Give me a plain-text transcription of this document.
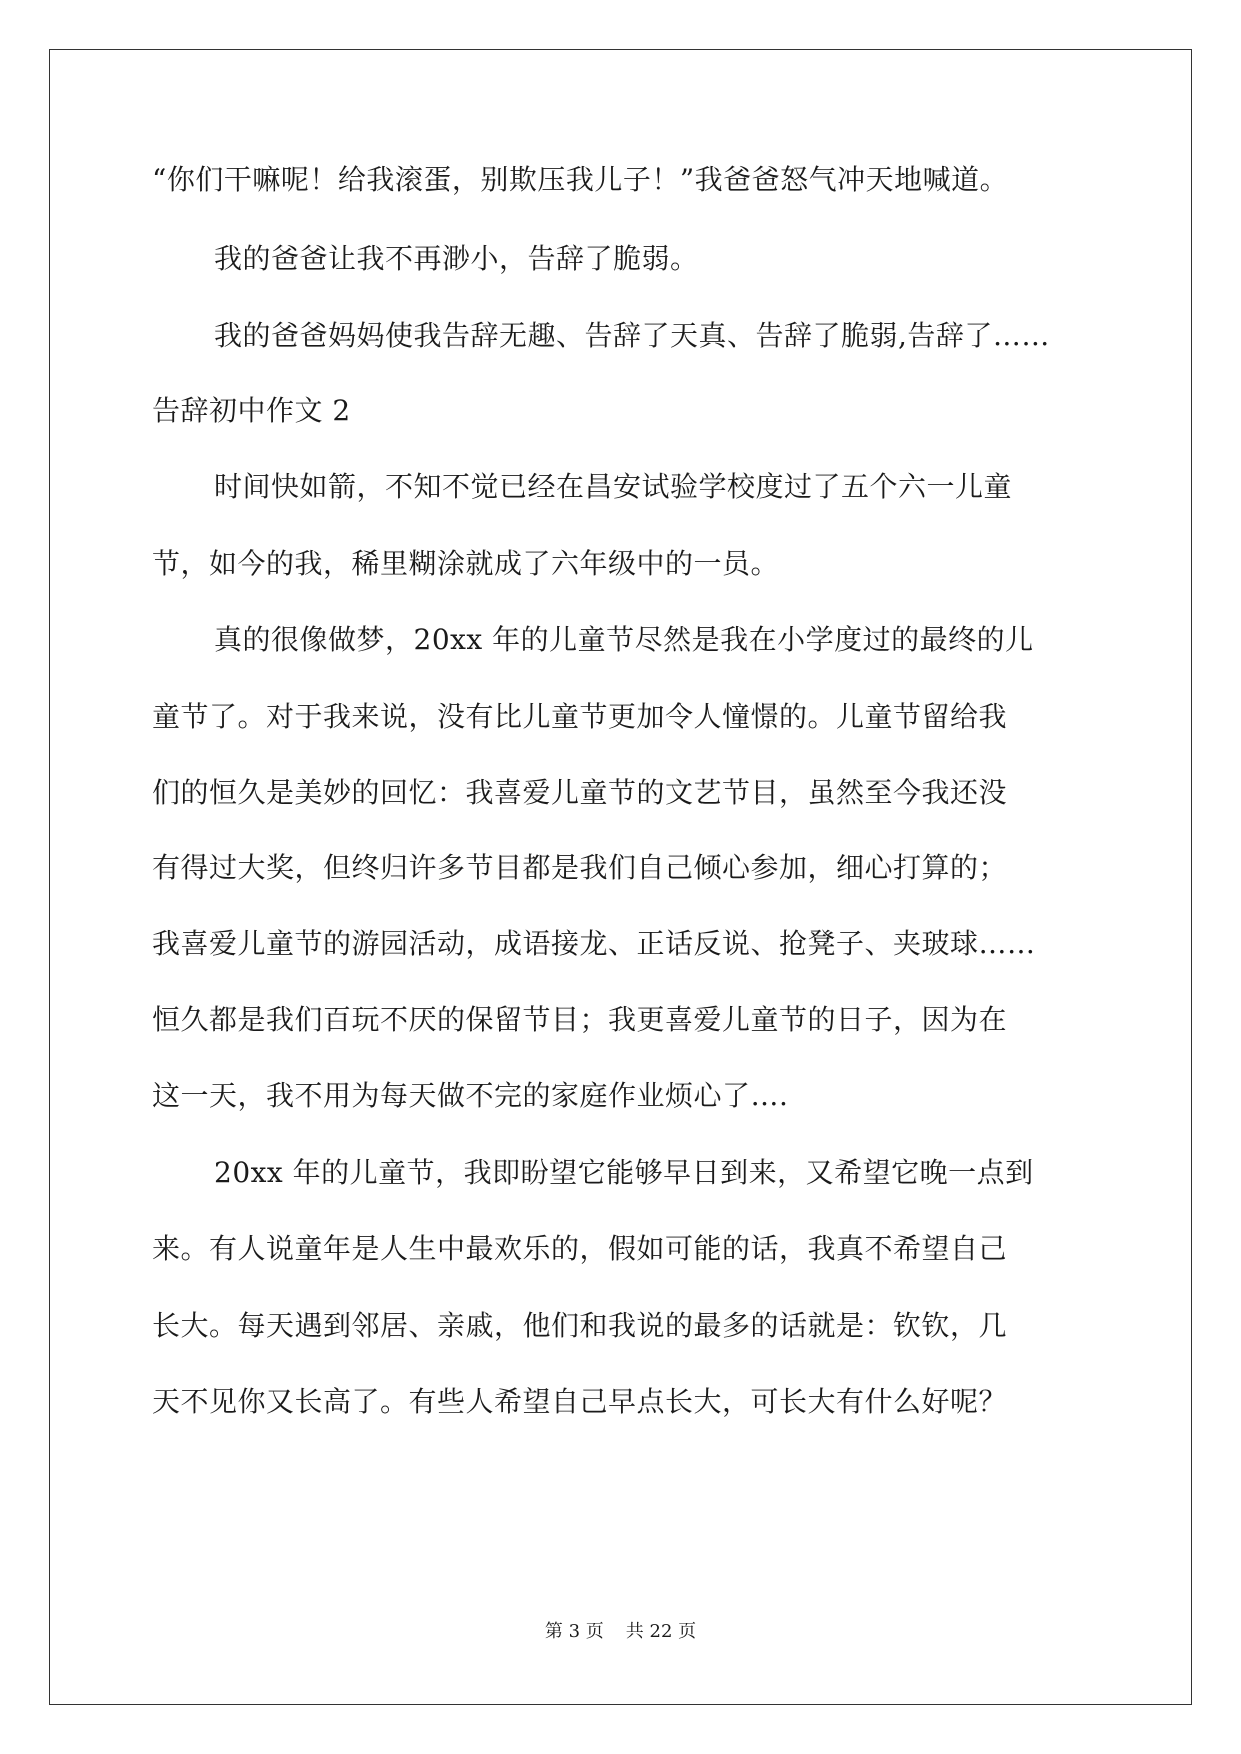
“你们干嘛呢！给我滚蛋，别欺压我儿子！”我爸爸怒气冲天地喊道。
我的爸爸让我不再渺小，告辞了脆弱。
我的爸爸妈妈使我告辞无趣、告辞了天真、告辞了脆弱,告辞了……
告辞初中作文 2
时间快如箭，不知不觉已经在昌安试验学校度过了五个六一儿童
节，如今的我，稀里糊涂就成了六年级中的一员。
真的很像做梦，20xx 年的儿童节尽然是我在小学度过的最终的儿
童节了。对于我来说，没有比儿童节更加令人憧憬的。儿童节留给我
们的恒久是美妙的回忆：我喜爱儿童节的文艺节目，虽然至今我还没
有得过大奖，但终归许多节目都是我们自己倾心参加，细心打算的；
我喜爱儿童节的游园活动，成语接龙、正话反说、抢凳子、夹玻球……
恒久都是我们百玩不厌的保留节目；我更喜爱儿童节的日子，因为在
这一天，我不用为每天做不完的家庭作业烦心了….
20xx 年的儿童节，我即盼望它能够早日到来，又希望它晚一点到
来。有人说童年是人生中最欢乐的，假如可能的话，我真不希望自己
长大。每天遇到邻居、亲戚，他们和我说的最多的话就是：钦钦，几
天不见你又长高了。有些人希望自己早点长大，可长大有什么好呢？
第 3 页 共 22 页
